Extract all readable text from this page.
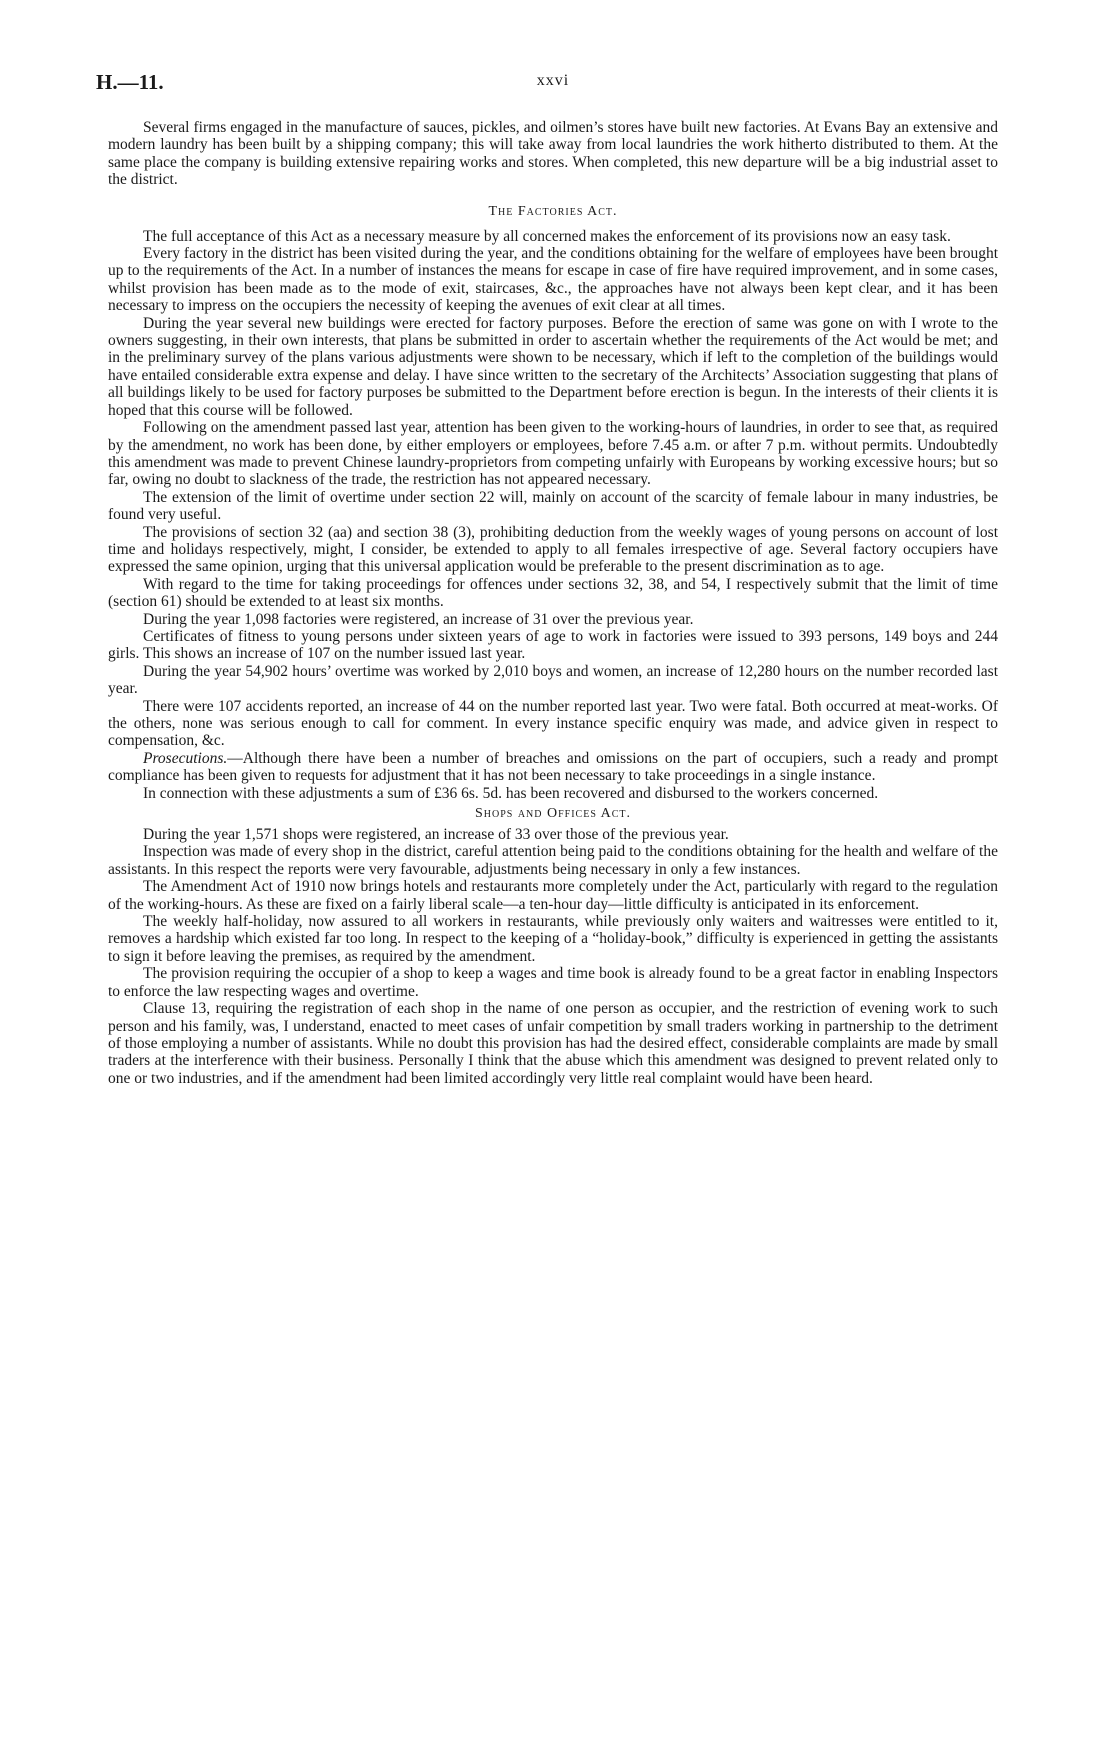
H.—11.	xxvi

Several firms engaged in the manufacture of sauces, pickles, and oilmen’s stores have built new factories. At Evans Bay an extensive and modern laundry has been built by a shipping company; this will take away from local laundries the work hitherto distributed to them. At the same place the company is building extensive repairing works and stores. When completed, this new departure will be a big industrial asset to the district.

The Factories Act.

The full acceptance of this Act as a necessary measure by all concerned makes the enforcement of its provisions now an easy task.

Every factory in the district has been visited during the year, and the conditions obtaining for the welfare of employees have been brought up to the requirements of the Act. In a number of instances the means for escape in case of fire have required improvement, and in some cases, whilst provision has been made as to the mode of exit, staircases, &c., the approaches have not always been kept clear, and it has been necessary to impress on the occupiers the necessity of keeping the avenues of exit clear at all times.

During the year several new buildings were erected for factory purposes. Before the erection of same was gone on with I wrote to the owners suggesting, in their own interests, that plans be submitted in order to ascertain whether the requirements of the Act would be met; and in the preliminary survey of the plans various adjustments were shown to be necessary, which if left to the completion of the buildings would have entailed considerable extra expense and delay. I have since written to the secretary of the Architects’ Association suggesting that plans of all buildings likely to be used for factory purposes be submitted to the Department before erection is begun. In the interests of their clients it is hoped that this course will be followed.

Following on the amendment passed last year, attention has been given to the working-hours of laundries, in order to see that, as required by the amendment, no work has been done, by either employers or employees, before 7.45 a.m. or after 7 p.m. without permits. Undoubtedly this amendment was made to prevent Chinese laundry-proprietors from competing unfairly with Europeans by working excessive hours; but so far, owing no doubt to slackness of the trade, the restriction has not appeared necessary.

The extension of the limit of overtime under section 22 will, mainly on account of the scarcity of female labour in many industries, be found very useful.

The provisions of section 32 (aa) and section 38 (3), prohibiting deduction from the weekly wages of young persons on account of lost time and holidays respectively, might, I consider, be extended to apply to all females irrespective of age. Several factory occupiers have expressed the same opinion, urging that this universal application would be preferable to the present discrimination as to age.

With regard to the time for taking proceedings for offences under sections 32, 38, and 54, I respectively submit that the limit of time (section 61) should be extended to at least six months.

During the year 1,098 factories were registered, an increase of 31 over the previous year.

Certificates of fitness to young persons under sixteen years of age to work in factories were issued to 393 persons, 149 boys and 244 girls. This shows an increase of 107 on the number issued last year.

During the year 54,902 hours’ overtime was worked by 2,010 boys and women, an increase of 12,280 hours on the number recorded last year.

There were 107 accidents reported, an increase of 44 on the number reported last year. Two were fatal. Both occurred at meat-works. Of the others, none was serious enough to call for comment. In every instance specific enquiry was made, and advice given in respect to compensation, &c.

Prosecutions.—Although there have been a number of breaches and omissions on the part of occupiers, such a ready and prompt compliance has been given to requests for adjustment that it has not been necessary to take proceedings in a single instance.

In connection with these adjustments a sum of £36 6s. 5d. has been recovered and disbursed to the workers concerned.

Shops and Offices Act.

During the year 1,571 shops were registered, an increase of 33 over those of the previous year.

Inspection was made of every shop in the district, careful attention being paid to the conditions obtaining for the health and welfare of the assistants. In this respect the reports were very favourable, adjustments being necessary in only a few instances.

The Amendment Act of 1910 now brings hotels and restaurants more completely under the Act, particularly with regard to the regulation of the working-hours. As these are fixed on a fairly liberal scale—a ten-hour day—little difficulty is anticipated in its enforcement.

The weekly half-holiday, now assured to all workers in restaurants, while previously only waiters and waitresses were entitled to it, removes a hardship which existed far too long. In respect to the keeping of a “holiday-book,” difficulty is experienced in getting the assistants to sign it before leaving the premises, as required by the amendment.

The provision requiring the occupier of a shop to keep a wages and time book is already found to be a great factor in enabling Inspectors to enforce the law respecting wages and overtime.

Clause 13, requiring the registration of each shop in the name of one person as occupier, and the restriction of evening work to such person and his family, was, I understand, enacted to meet cases of unfair competition by small traders working in partnership to the detriment of those employing a number of assistants. While no doubt this provision has had the desired effect, considerable complaints are made by small traders at the interference with their business. Personally I think that the abuse which this amendment was designed to prevent related only to one or two industries, and if the amendment had been limited accordingly very little real complaint would have been heard.
